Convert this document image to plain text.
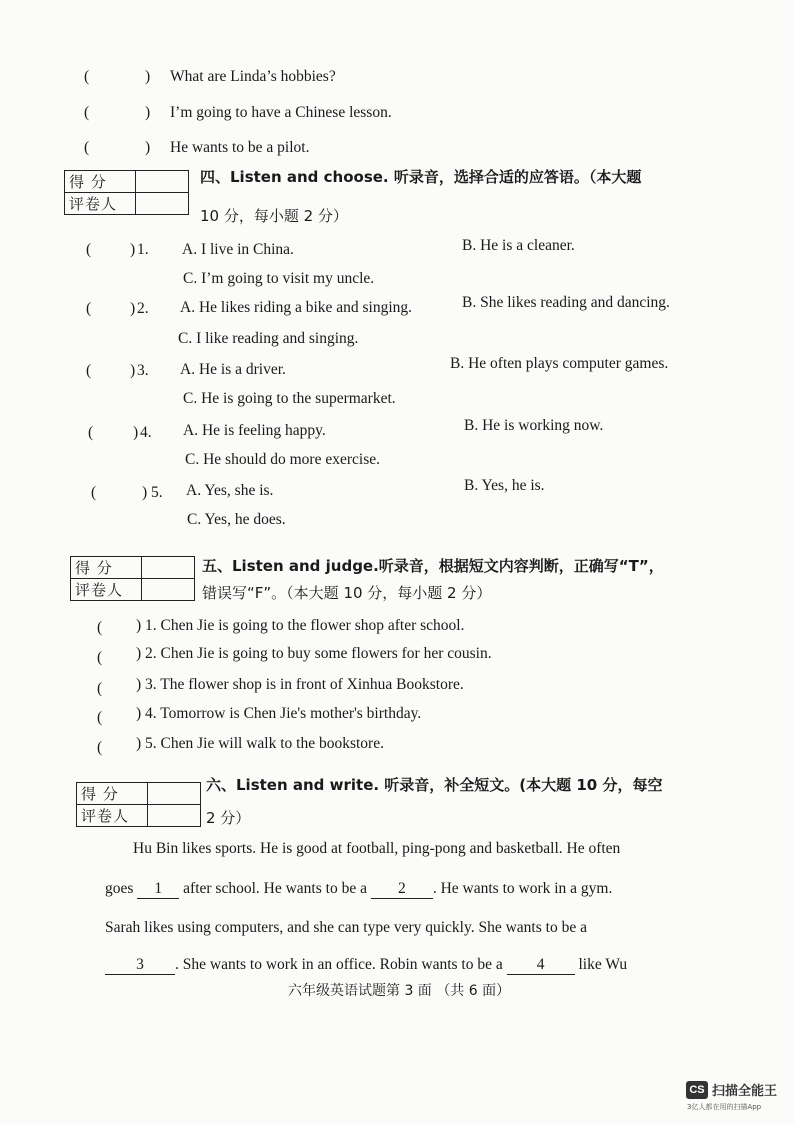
(	) What are Linda’s hobbies?
(	) I’m going to have a Chinese lesson.
(	) He wants to be a pilot.
得 分	
评卷人	
四、Listen and choose. 听录音，选择合适的应答语。（本大题
10 分，每小题 2 分）
(	1.
)	A. I live in China.	B. He is a cleaner.
C. I’m going to visit my uncle.
(	2.
)	A. He likes riding a bike and singing.	B. She likes reading and dancing.
C. I like reading and singing.
(	3.
)	A. He is a driver.	B. He often plays computer games.
C. He is going to the supermarket.
(	4.
)	A. He is feeling happy.	B. He is working now.
C. He should do more exercise.
(	5.
)	A. Yes, she is.	B. Yes, he is.
C. Yes, he does.
得 分	
评卷人	
五、Listen and judge.听录音，根据短文内容判断，正确写“T”，
错误写“F”。（本大题 10 分，每小题 2 分）
( ) 1. Chen Jie is going to the flower shop after school.
( ) 2. Chen Jie is going to buy some flowers for her cousin.
( ) 3. The flower shop is in front of Xinhua Bookstore.
( ) 4. Tomorrow is Chen Jie's mother's birthday.
( ) 5. Chen Jie will walk to the bookstore.
得 分	
评卷人	
六、Listen and write. 听录音，补全短文。(本大题 10 分，每空
2 分）
Hu Bin likes sports. He is good at football, ping-pong and basketball. He often
goes 1 after school. He wants to be a 2 . He wants to work in a gym.
Sarah likes using computers, and she can type very quickly. She wants to be a
3 . She wants to work in an office. Robin wants to be a 4 like Wu
六年级英语试题第 3 面 （共 6 面）
CS 扫描全能王
3亿人都在用的扫描App
